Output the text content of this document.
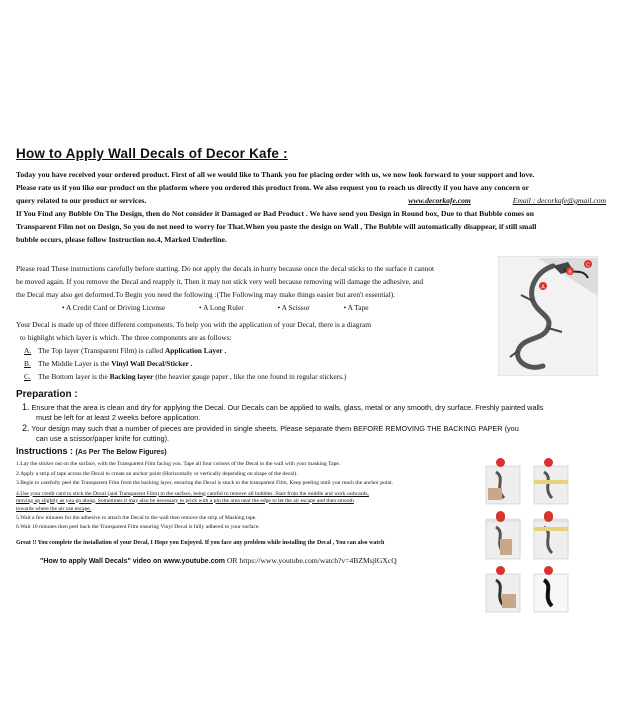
How to Apply Wall Decals of Decor Kafe :
Today you have received your ordered product. First of all we would like to Thank you for placing order with us, we now look forward to your support and love.
Please rate us if you like our product on the platform where you ordered this product from. We also request you to reach us directly if you have any concern or
query related to our product or services.	www.decorkafe.com	Email : decorkafe@gmail.com
If You Find any Bubble On The Design, then do Not consider it Damaged or Bad Product . We have send you Design in Round box, Due to that Bubble comes on
Transparent Film not on Design, So you do not need to worry for That.When you paste the design on Wall , The Bubble will automatically disappear, if still small
bubble occurs, please follow Instruction no.4, Marked Underline.
Please read These instructions carefully before starting. Do not apply the decals in hurry because once the decal sticks to the surface it cannot
be moved again. If you remove the Decal and reapply it, Then it may not stick very well because removing will damage the adhesive, and
the Decal may also get deformed.To Begin you need the following :(The Following may make things easier but aren't essential).
• A Credit Card or Driving License	• A Long Ruler	• A Scissor	• A Tape
Your Decal is made up of three different components. To help you with the application of your Decal, there is a diagram
to highlight which layer is which. The three components are as follows:
A. The Top layer (Transparent Film) is called Application Layer .
B. The Middle Layer is the Vinyl Wall Decal/Sticker .
C. The Bottom layer is the Backing layer (the heavier gauge paper , like the one found in regular stickers.)
B
C
A
Preparation :
1. Ensure that the area is clean and dry for applying the Decal. Our Decals can be applied to walls, glass, metal or any smooth, dry surface. Freshly painted walls
must be left for at least 2 weeks before application.
2. Your design may such that a number of pieces are provided in single sheets. Please separate them BEFORE REMOVING THE BACKING PAPER (you
can use a scissor/paper knife for cutting).
Instructions : (As Per The Below Figures)
1.Lay the sticker out on the surface, with the Transparent Film facing you. Tape all four corners of the Decal to the wall with your masking Tape.
2.Apply a strip of tape across the Decal to create an anchor point (Horizontally or vertically depending on shape of the decal).
3.Begin to carefully peel the Transparent Film from the backing layer, ensuring the Decal is stuck to the transparent Film, Keep peeling until you reach the anchor point.
4.Use your credit card to stick the Decal (and Transparent Film) to the surface, being careful to remove all bubbles. Start from the middle and work outwards,
moving up slightly as you go along. Sometimes it may also be necessary to prick with a pin the area near the edge to let the air escape and then smooth
towards where the air can escape.
5.Wait a few minutes for the adhesive to attach the Decal to the wall then remove the strip of Masking tape.
6.Wait 10 minutes then peel back the Transparent Film ensuring Vinyl Decal is fully adhered to your surface.
Great !! You complete the installation of your Decal, I Hope you Enjoyed. If you face any problem while installing the Decal , You can also watch
"How to apply Wall Decals" video on www.youtube.com OR https://www.youtube.com/watch?v=4BZMsjlGXcQ
